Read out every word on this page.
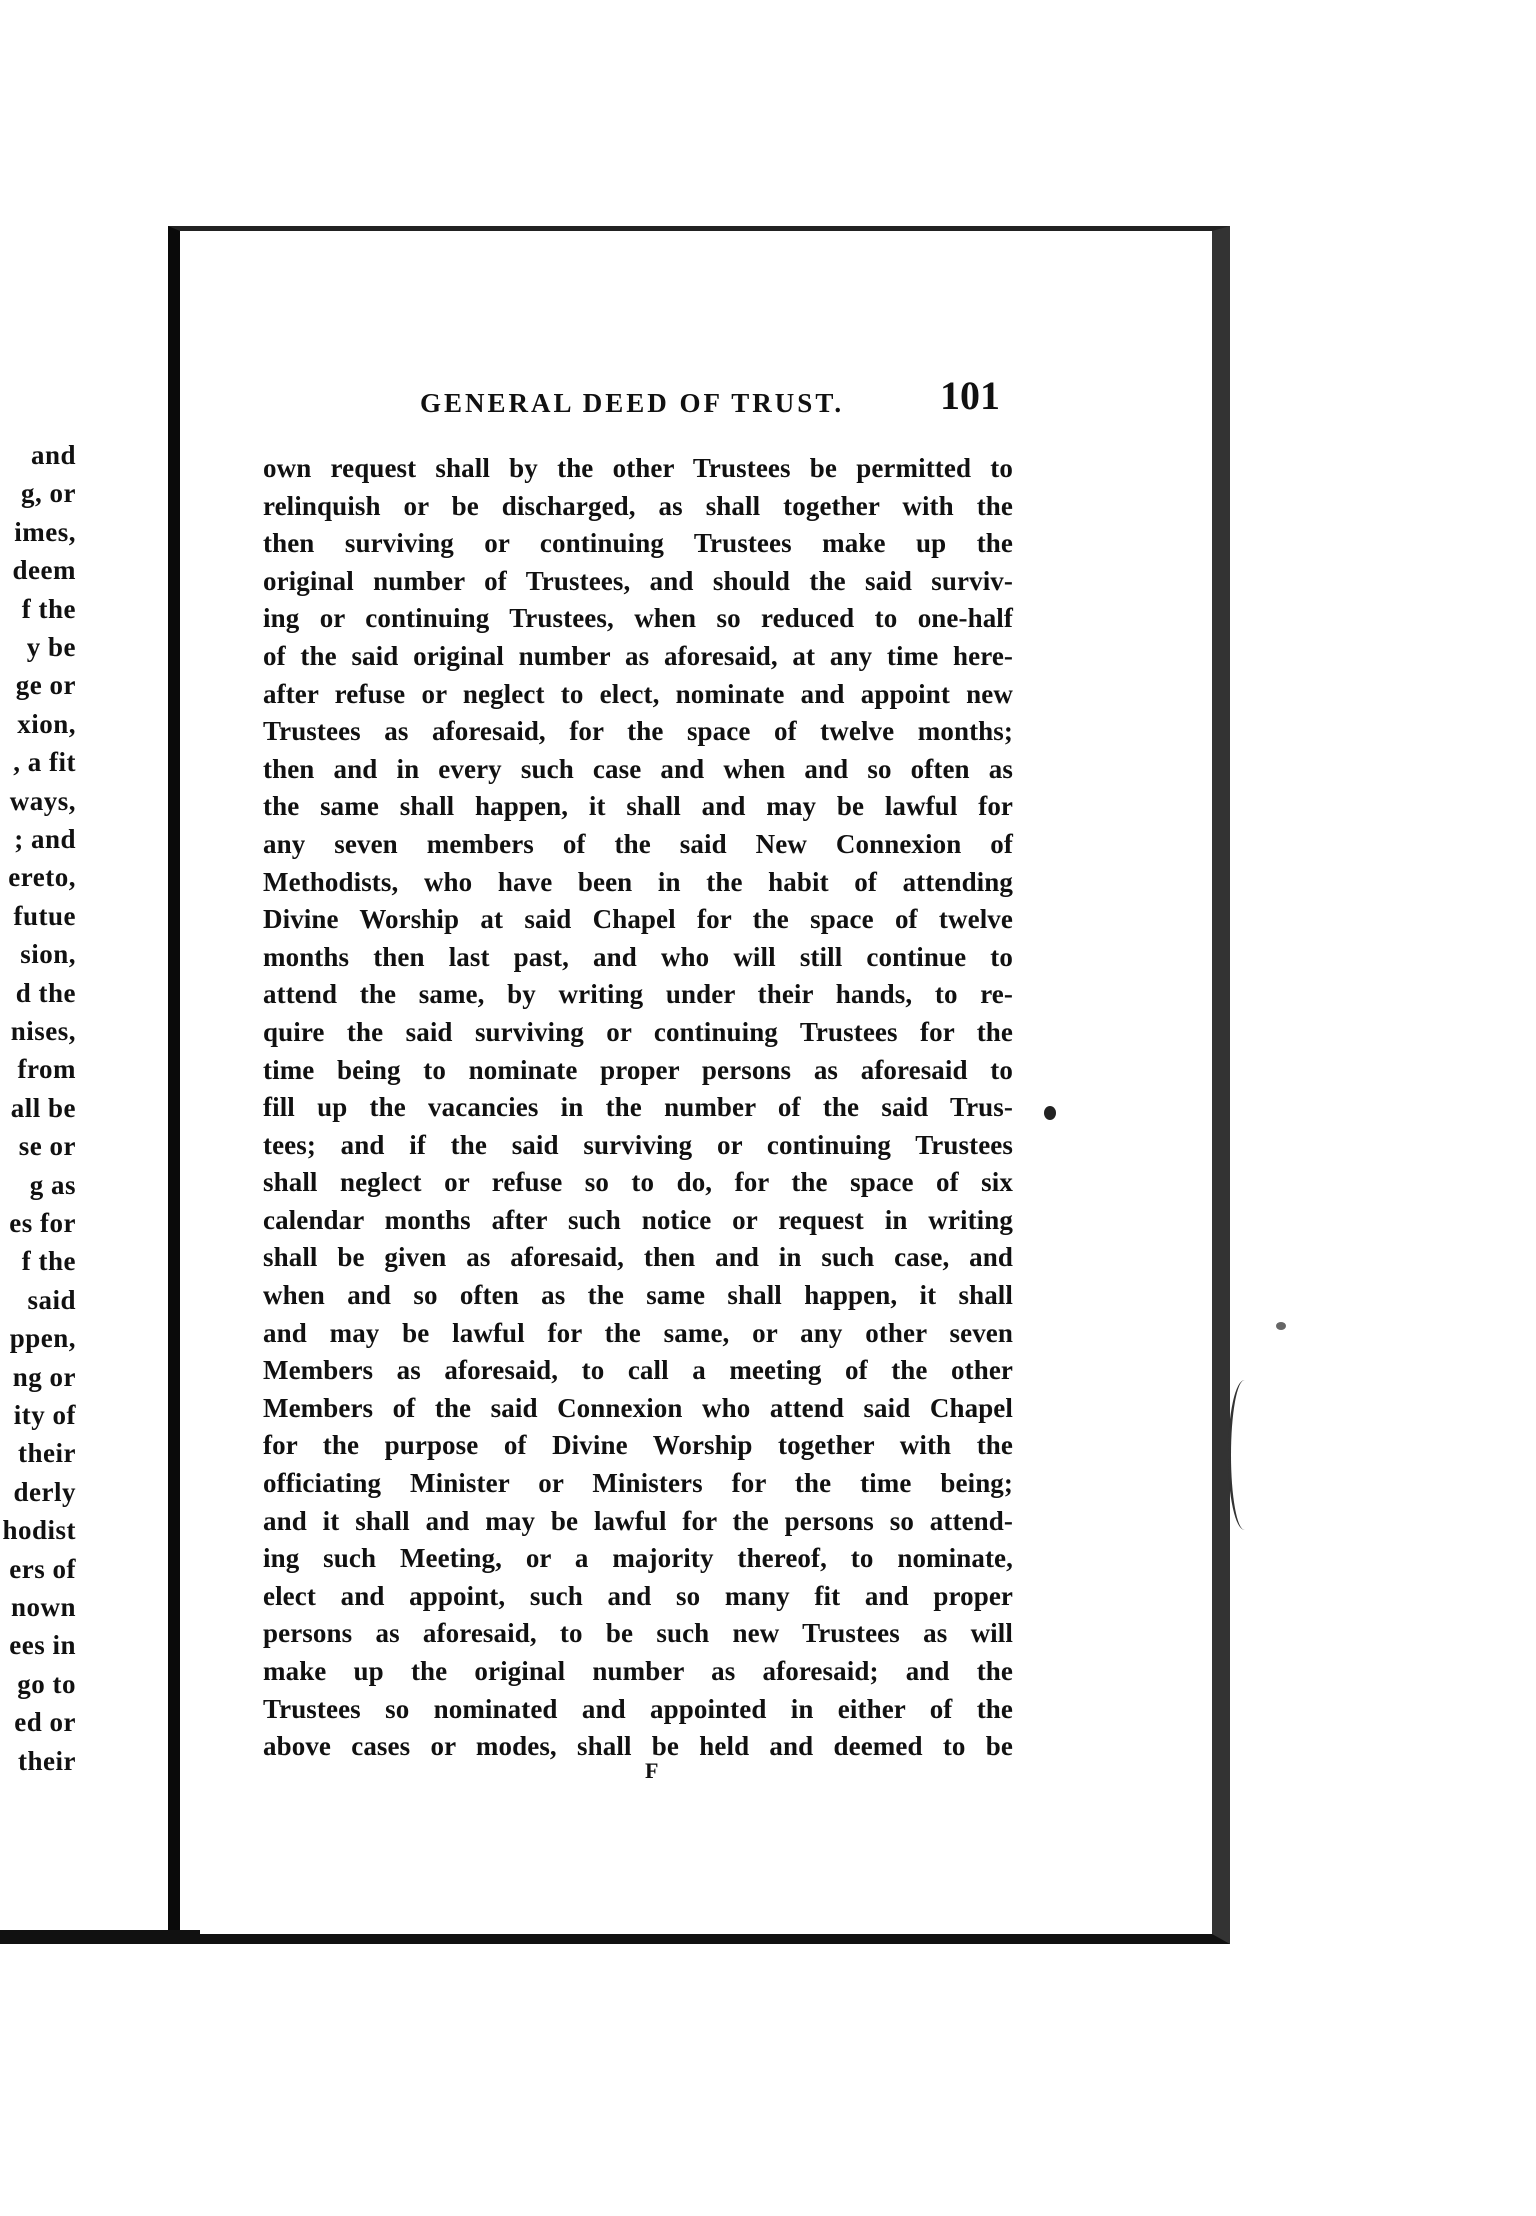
and
g, or
imes,
deem
f the
y be
ge or
xion,
, a fit
ways,
; and
ereto,
futue
sion,
d the
nises,
from
all be
se or
g as
es for
f the
said
ppen,
ng or
ity of
their
derly
hodist
ers of
nown
ees in
go to
ed or
their
GENERAL DEED OF TRUST. 101
own request shall by the other Trustees be permitted to
relinquish or be discharged, as shall together with the
then surviving or continuing Trustees make up the
original number of Trustees, and should the said surviv-
ing or continuing Trustees, when so reduced to one-half
of the said original number as aforesaid, at any time here-
after refuse or neglect to elect, nominate and appoint new
Trustees as aforesaid, for the space of twelve months;
then and in every such case and when and so often as
the same shall happen, it shall and may be lawful for
any seven members of the said New Connexion of
Methodists, who have been in the habit of attending
Divine Worship at said Chapel for the space of twelve
months then last past, and who will still continue to
attend the same, by writing under their hands, to re-
quire the said surviving or continuing Trustees for the
time being to nominate proper persons as aforesaid to
fill up the vacancies in the number of the said Trus-
tees; and if the said surviving or continuing Trustees
shall neglect or refuse so to do, for the space of six
calendar months after such notice or request in writing
shall be given as aforesaid, then and in such case, and
when and so often as the same shall happen, it shall
and may be lawful for the same, or any other seven
Members as aforesaid, to call a meeting of the other
Members of the said Connexion who attend said Chapel
for the purpose of Divine Worship together with the
officiating Minister or Ministers for the time being;
and it shall and may be lawful for the persons so attend-
ing such Meeting, or a majority thereof, to nominate,
elect and appoint, such and so many fit and proper
persons as aforesaid, to be such new Trustees as will
make up the original number as aforesaid; and the
Trustees so nominated and appointed in either of the
above cases or modes, shall be held and deemed to be
F
